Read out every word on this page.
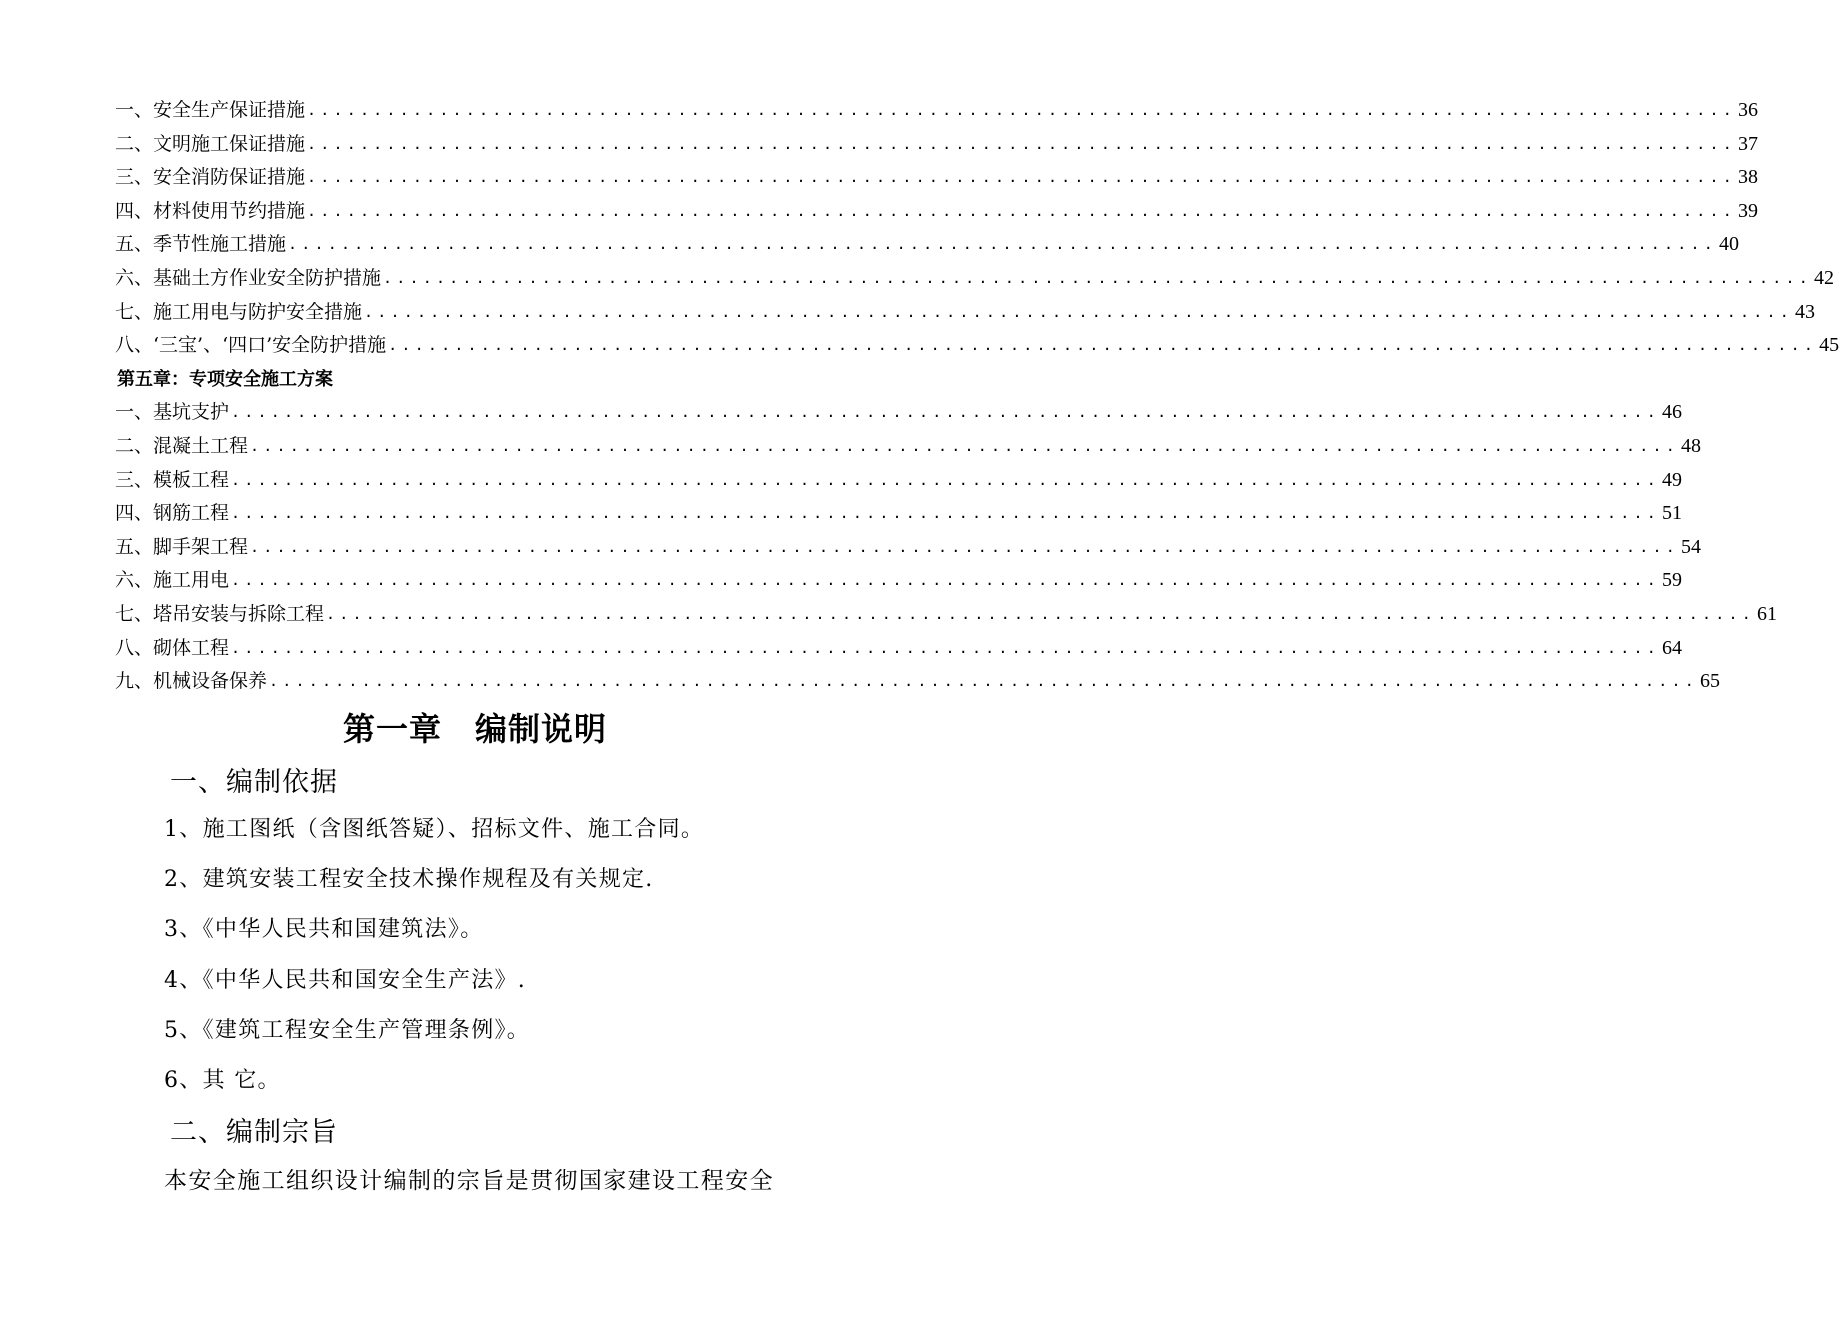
一、安全生产保证措施 ............................................................................................................ 36
二、文明施工保证措施 ............................................................................................................ 37
三、安全消防保证措施 ............................................................................................................ 38
四、材料使用节约措施 ............................................................................................................ 39
五、季节性施工措施 ............................................................................................................ 40
六、基础土方作业安全防护措施 ............................................................................................................ 42
七、施工用电与防护安全措施 ............................................................................................................ 43
八、‘三宝’、‘四口’安全防护措施 ............................................................................................................ 45
第五章：专项安全施工方案
一、基坑支护 ............................................................................................................ 46
二、混凝土工程 ............................................................................................................ 48
三、模板工程 ............................................................................................................ 49
四、钢筋工程 ............................................................................................................ 51
五、脚手架工程 ............................................................................................................ 54
六、施工用电 ............................................................................................................ 59
七、塔吊安装与拆除工程 ............................................................................................................ 61
八、砌体工程 ............................................................................................................ 64
九、机械设备保养 ............................................................................................................ 65
第一章　编制说明
一、编制依据
1、施工图纸（含图纸答疑）、招标文件、施工合同。
2、建筑安装工程安全技术操作规程及有关规定.
3、《中华人民共和国建筑法》。
4、《中华人民共和国安全生产法》.
5、《建筑工程安全生产管理条例》。
6、其 它。
二、编制宗旨
本安全施工组织设计编制的宗旨是贯彻国家建设工程安全
